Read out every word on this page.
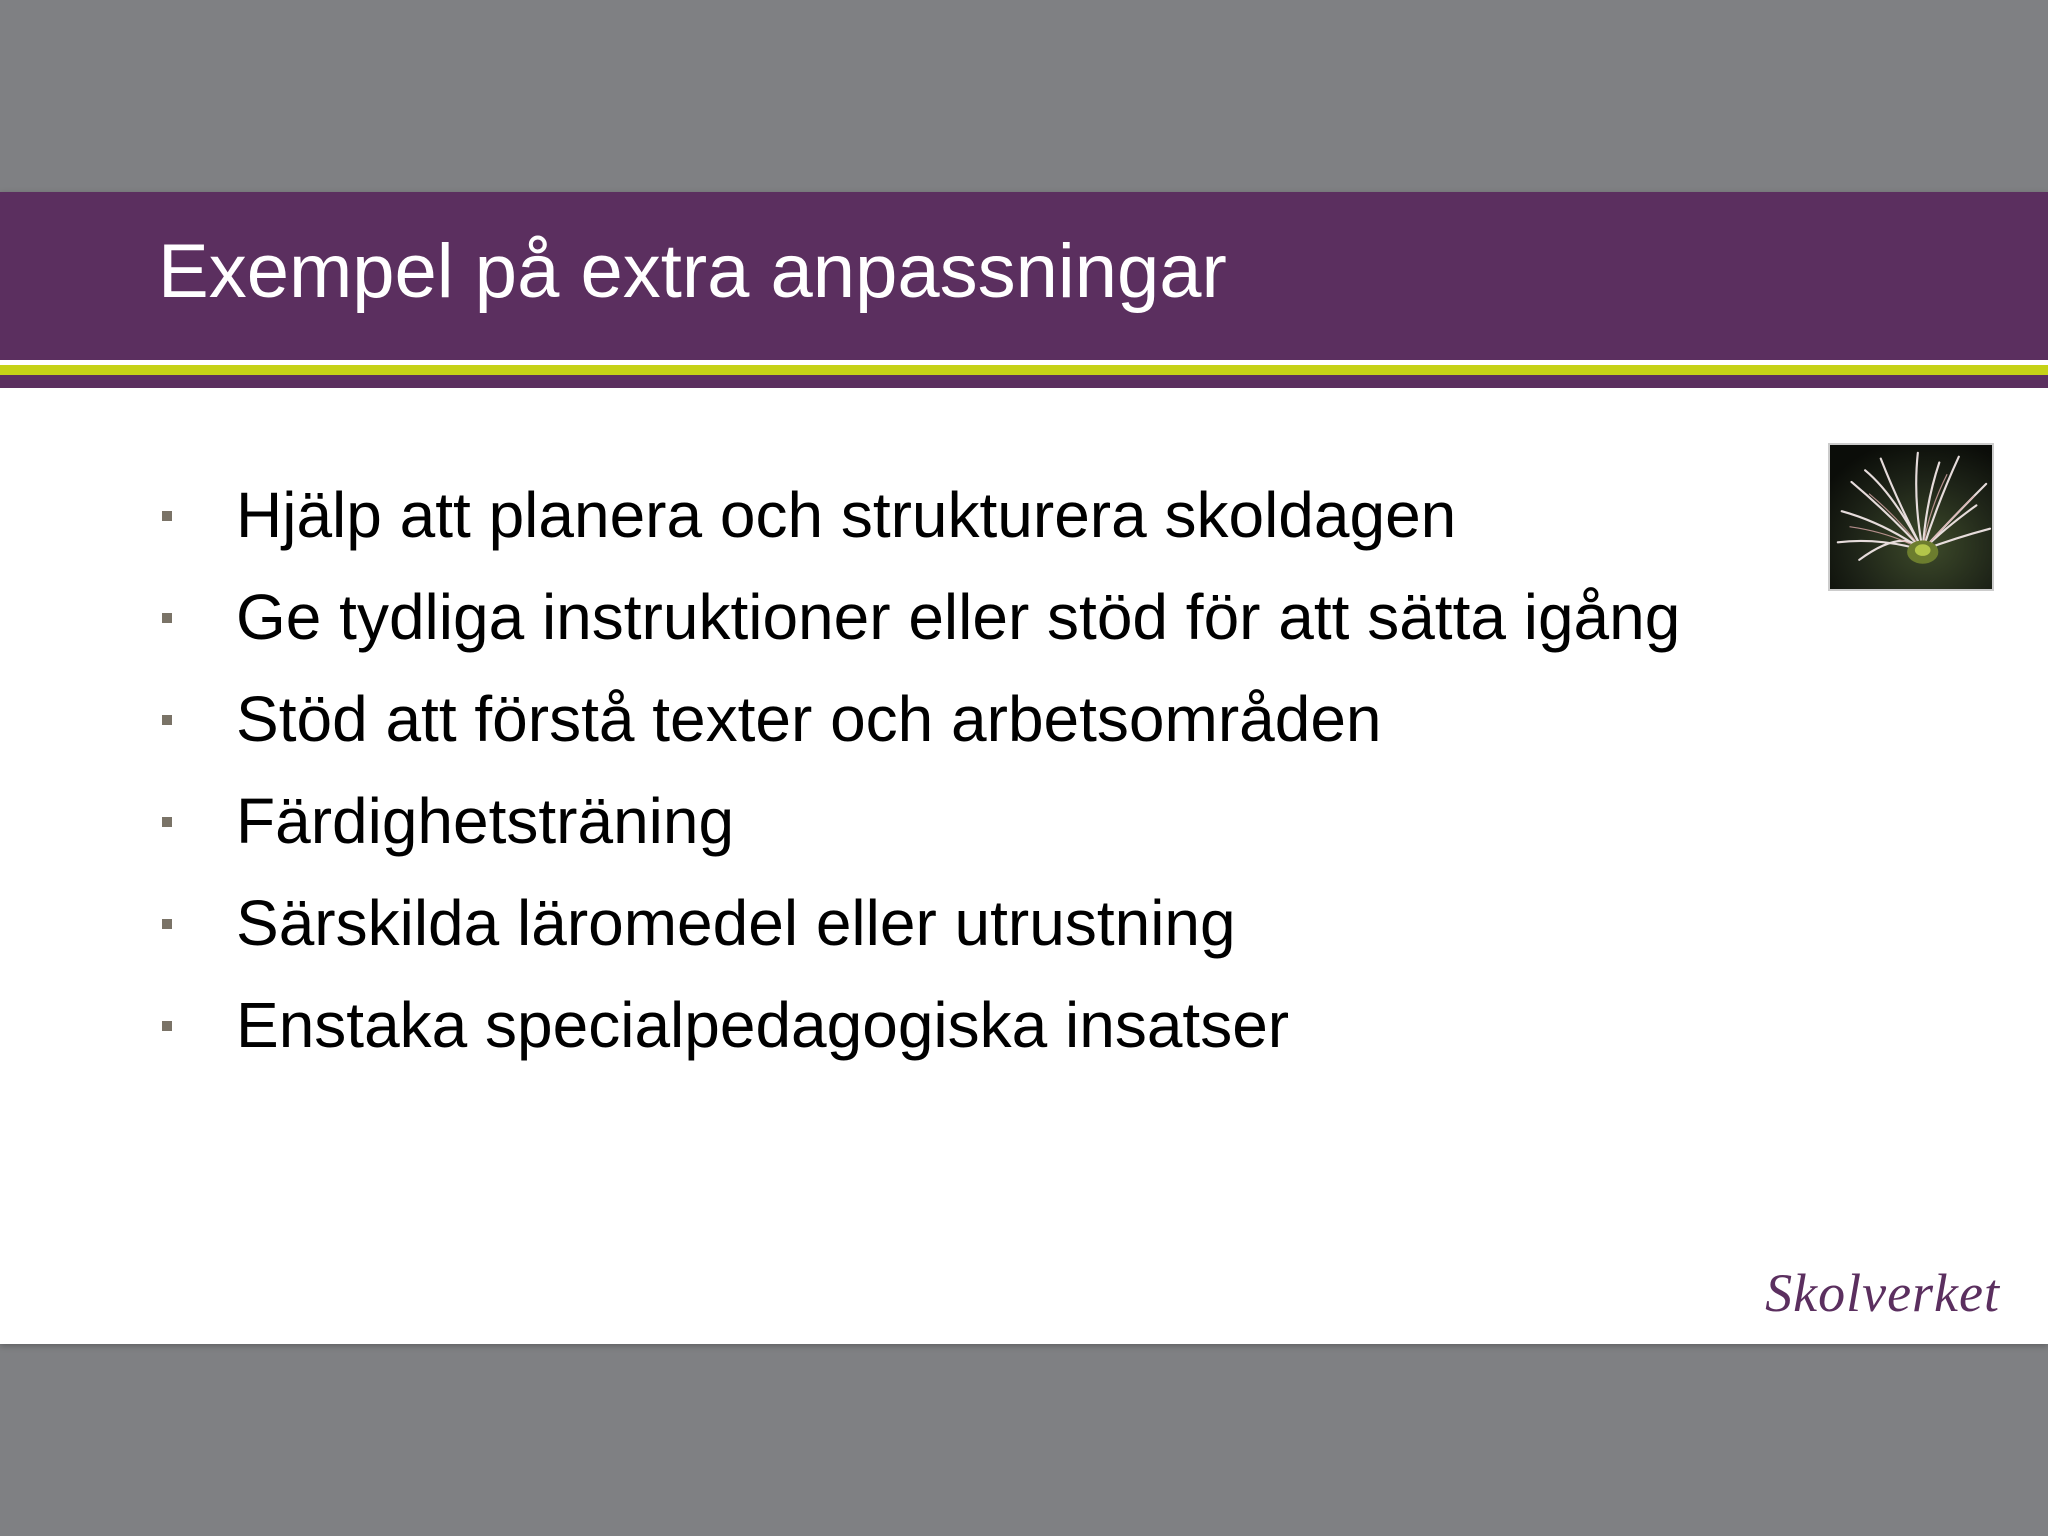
Exempel på extra anpassningar
Hjälp att planera och strukturera skoldagen
Ge tydliga instruktioner eller stöd för att sätta igång
Stöd att förstå texter och arbetsområden
Färdighetsträning
Särskilda läromedel eller utrustning
Enstaka specialpedagogiska insatser
Skolverket
